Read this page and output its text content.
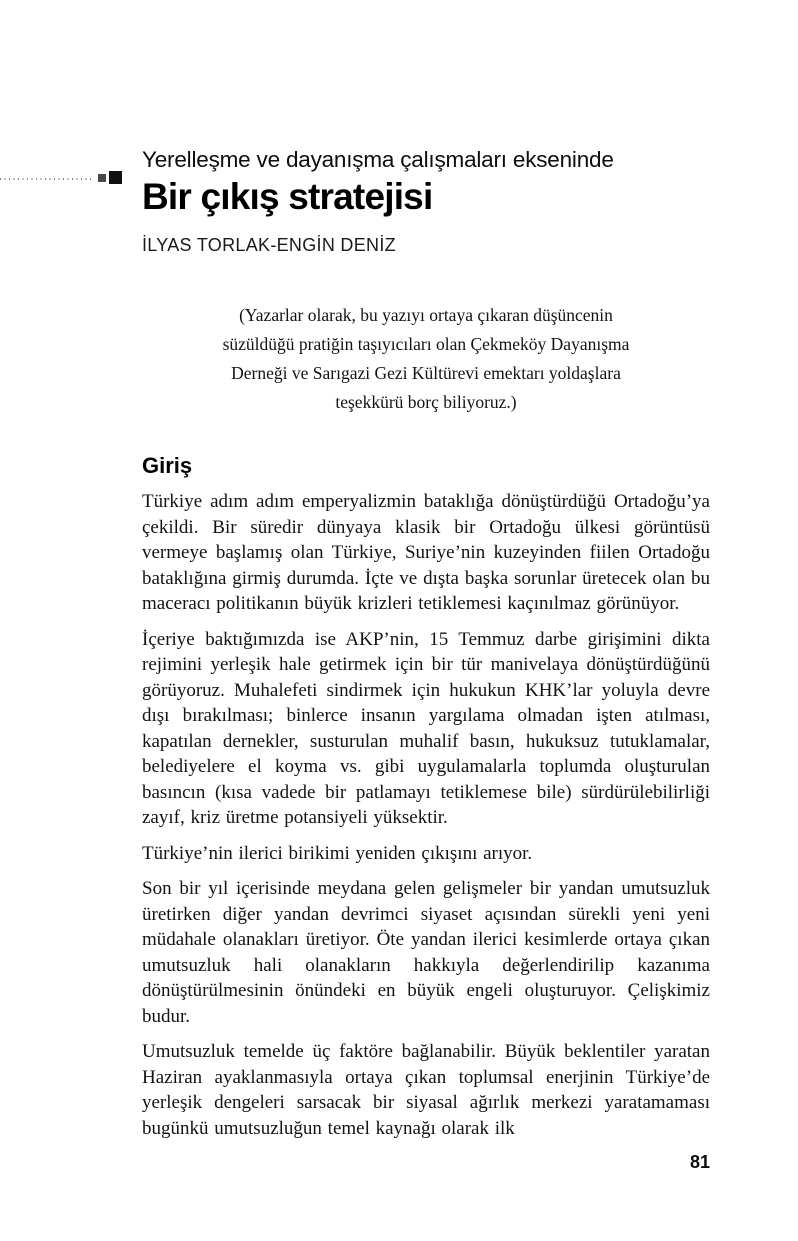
Yerelleşme ve dayanışma çalışmaları ekseninde
Bir çıkış stratejisi
İLYAS TORLAK-ENGİN DENİZ
(Yazarlar olarak, bu yazıyı ortaya çıkaran düşüncenin
süzüldüğü pratiğin taşıyıcıları olan Çekmeköy Dayanışma
Derneği ve Sarıgazi Gezi Kültürevi emektarı yoldaşlara
teşekkürü borç biliyoruz.)
Giriş

Türkiye adım adım emperyalizmin bataklığa dönüştürdüğü Ortadoğu’ya çekildi. Bir süredir dünyaya klasik bir Ortadoğu ülkesi görüntüsü vermeye başlamış olan Türkiye, Suriye’nin kuzeyinden fiilen Ortadoğu bataklığına girmiş durumda. İçte ve dışta başka sorunlar üretecek olan bu maceracı politikanın büyük krizleri tetiklemesi kaçınılmaz görünüyor.

İçeriye baktığımızda ise AKP’nin, 15 Temmuz darbe girişimini dikta rejimini yerleşik hale getirmek için bir tür manivelaya dönüştürdüğünü görüyoruz. Muhalefeti sindirmek için hukukun KHK’lar yoluyla devre dışı bırakılması; binlerce insanın yargılama olmadan işten atılması, kapatılan dernekler, susturulan muhalif basın, hukuksuz tutuklamalar, belediyelere el koyma vs. gibi uygulamalarla toplumda oluşturulan basıncın (kısa vadede bir patlamayı tetiklemese bile) sürdürülebilirliği zayıf, kriz üretme potansiyeli yüksektir.

Türkiye’nin ilerici birikimi yeniden çıkışını arıyor.

Son bir yıl içerisinde meydana gelen gelişmeler bir yandan umutsuzluk üretirken diğer yandan devrimci siyaset açısından sürekli yeni yeni müdahale olanakları üretiyor. Öte yandan ilerici kesimlerde ortaya çıkan umutsuzluk hali olanakların hakkıyla değerlendirilip kazanıma dönüştürülmesinin önündeki en büyük engeli oluşturuyor. Çelişkimiz budur.

Umutsuzluk temelde üç faktöre bağlanabilir. Büyük beklentiler yaratan Haziran ayaklanmasıyla ortaya çıkan toplumsal enerjinin Türkiye’de yerleşik dengeleri sarsacak bir siyasal ağırlık merkezi yaratamaması bugünkü umutsuzluğun temel kaynağı olarak ilk

81
